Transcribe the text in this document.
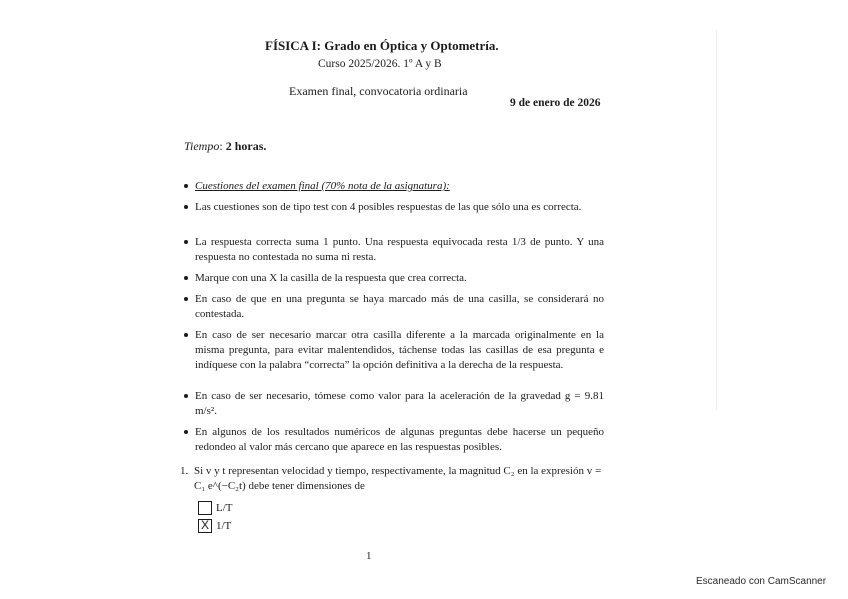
FÍSICA I: Grado en Óptica y Optometría.
Curso 2025/2026. 1º A y B
Examen final, convocatoria ordinaria
9 de enero de 2026
Tiempo: 2 horas.
Cuestiones del examen final (70% nota de la asignatura):
Las cuestiones son de tipo test con 4 posibles respuestas de las que sólo una es correcta.
La respuesta correcta suma 1 punto. Una respuesta equivocada resta 1/3 de punto. Y una respuesta no contestada no suma ni resta.
Marque con una X la casilla de la respuesta que crea correcta.
En caso de que en una pregunta se haya marcado más de una casilla, se considerará no contestada.
En caso de ser necesario marcar otra casilla diferente a la marcada originalmente en la misma pregunta, para evitar malentendidos, táchense todas las casillas de esa pregunta e indíquese con la palabra “correcta” la opción definitiva a la derecha de la respuesta.
En caso de ser necesario, tómese como valor para la aceleración de la gravedad g = 9.81 m/s².
En algunos de los resultados numéricos de algunas preguntas debe hacerse un pequeño redondeo al valor más cercano que aparece en las respuestas posibles.
1. Si v y t representan velocidad y tiempo, respectivamente, la magnitud C₂ en la expresión v = C₁ e^(−C₂t) debe tener dimensiones de
L/T
X 1/T
1
Escaneado con CamScanner
